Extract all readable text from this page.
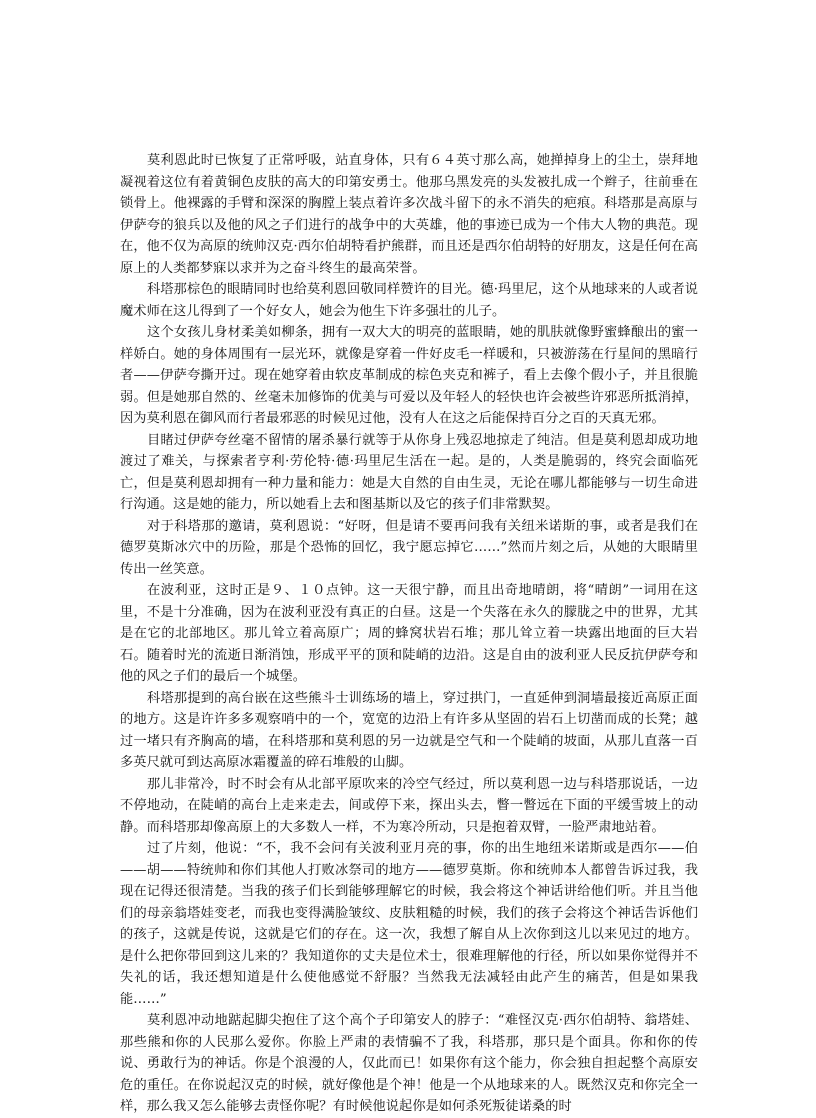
莫利恩此时已恢复了正常呼吸，站直身体，只有６４英寸那么高，她掸掉身上的尘土，崇拜地凝视着这位有着黄铜色皮肤的高大的印第安勇士。他那乌黑发亮的头发被扎成一个辫子，往前垂在锁骨上。他裸露的手臂和深深的胸膛上装点着许多次战斗留下的永不消失的疤痕。科塔那是高原与伊萨夸的狼兵以及他的风之子们进行的战争中的大英雄，他的事迹已成为一个伟大人物的典范。现在，他不仅为高原的统帅汉克·西尔伯胡特看护熊群，而且还是西尔伯胡特的好朋友，这是任何在高原上的人类都梦寐以求并为之奋斗终生的最高荣誉。

科塔那棕色的眼睛同时也给莫利恩回敬同样赞许的目光。德·玛里尼，这个从地球来的人或者说魔术师在这儿得到了一个好女人，她会为他生下许多强壮的儿子。

这个女孩儿身材柔美如柳条，拥有一双大大的明亮的蓝眼睛，她的肌肤就像野蜜蜂酿出的蜜一样娇白。她的身体周围有一层光环，就像是穿着一件好皮毛一样暖和，只被游荡在行星间的黑暗行者——伊萨夸撕开过。现在她穿着由软皮革制成的棕色夹克和裤子，看上去像个假小子，并且很脆弱。但是她那自然的、丝毫未加修饰的优美与可爱以及年轻人的轻快也许会被些许邪恶所抵消掉，因为莫利恩在御风而行者最邪恶的时候见过他，没有人在这之后能保持百分之百的天真无邪。

目睹过伊萨夸丝毫不留情的屠杀暴行就等于从你身上残忍地掠走了纯洁。但是莫利恩却成功地渡过了难关，与探索者亨利·劳伦特·德·玛里尼生活在一起。是的，人类是脆弱的，终究会面临死亡，但是莫利恩却拥有一种力量和能力：她是大自然的自由生灵，无论在哪儿都能够与一切生命进行沟通。这是她的能力，所以她看上去和图基斯以及它的孩子们非常默契。

对于科塔那的邀请，莫利恩说：“好呀，但是请不要再问我有关纽米诺斯的事，或者是我们在德罗莫斯冰穴中的历险，那是个恐怖的回忆，我宁愿忘掉它……”然而片刻之后，从她的大眼睛里传出一丝笑意。

在波利亚，这时正是９、１０点钟。这一天很宁静，而且出奇地晴朗，将“晴朗”一词用在这里，不是十分准确，因为在波利亚没有真正的白昼。这是一个失落在永久的朦胧之中的世界，尤其是在它的北部地区。那儿耸立着高原广；周的蜂窝状岩石堆；那儿耸立着一块露出地面的巨大岩石。随着时光的流逝日渐消蚀，形成平平的顶和陡峭的边沿。这是自由的波利亚人民反抗伊萨夸和他的风之子们的最后一个城堡。

科塔那提到的高台嵌在这些熊斗士训练场的墙上，穿过拱门，一直延伸到洞墙最接近高原正面的地方。这是许许多多观察哨中的一个，宽宽的边沿上有许多从坚固的岩石上切凿而成的长凳；越过一堵只有齐胸高的墙，在科塔那和莫利恩的另一边就是空气和一个陡峭的坡面，从那儿直落一百多英尺就可到达高原冰霜覆盖的碎石堆般的山脚。

那儿非常冷，时不时会有从北部平原吹来的冷空气经过，所以莫利恩一边与科塔那说话，一边不停地动，在陡峭的高台上走来走去，间或停下来，探出头去，瞥一瞥远在下面的平缓雪坡上的动静。而科塔那却像高原上的大多数人一样，不为寒冷所动，只是抱着双臂，一脸严肃地站着。

过了片刻，他说：“不，我不会问有关波利亚月亮的事，你的出生地纽米诺斯或是西尔——伯——胡——特统帅和你们其他人打败冰祭司的地方——德罗莫斯。你和统帅本人都曾告诉过我，我现在记得还很清楚。当我的孩子们长到能够理解它的时候，我会将这个神话讲给他们听。并且当他们的母亲翁塔娃变老，而我也变得满脸皱纹、皮肤粗糙的时候，我们的孩子会将这个神话告诉他们的孩子，这就是传说，这就是它们的存在。这一次，我想了解自从上次你到这儿以来见过的地方。是什么把你带回到这儿来的？我知道你的丈夫是位术士，很难理解他的行径，所以如果你觉得并不失礼的话，我还想知道是什么使他感觉不舒服？当然我无法减轻由此产生的痛苦，但是如果我能……”

莫利恩冲动地踮起脚尖抱住了这个高个子印第安人的脖子：“难怪汉克·西尔伯胡特、翁塔娃、那些熊和你的人民那么爱你。你脸上严肃的表情骗不了我，科塔那，那只是个面具。你和你的传说、勇敢行为的神话。你是个浪漫的人，仅此而已！如果你有这个能力，你会独自担起整个高原安危的重任。在你说起汉克的时候，就好像他是个神！他是一个从地球来的人。既然汉克和你完全一样，那么我又怎么能够去责怪你呢？有时候他说起你是如何杀死叛徒诺桑的时
